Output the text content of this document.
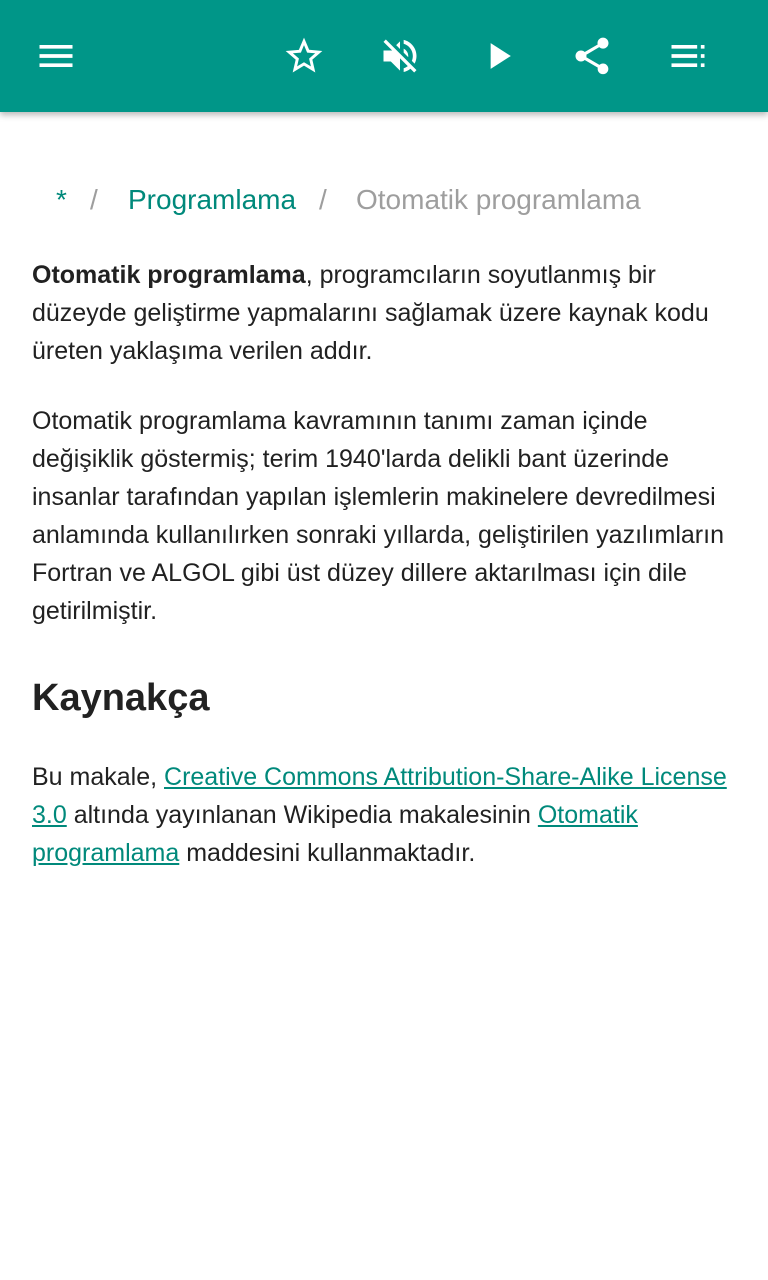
* / Programlama / Otomatik programlama

Otomatik programlama, programcıların soyutlanmış bir düzeyde geliştirme yapmalarını sağlamak üzere kaynak kodu üreten yaklaşıma verilen addır.

Otomatik programlama kavramının tanımı zaman içinde değişiklik göstermiş; terim 1940'larda delikli bant üzerinde insanlar tarafından yapılan işlemlerin makinelere devredilmesi anlamında kullanılırken sonraki yıllarda, geliştirilen yazılımların Fortran ve ALGOL gibi üst düzey dillere aktarılması için dile getirilmiştir.

Kaynakça

Bu makale, Creative Commons Attribution-Share-Alike License 3.0 altında yayınlanan Wikipedia makalesinin Otomatik programlama maddesini kullanmaktadır.
